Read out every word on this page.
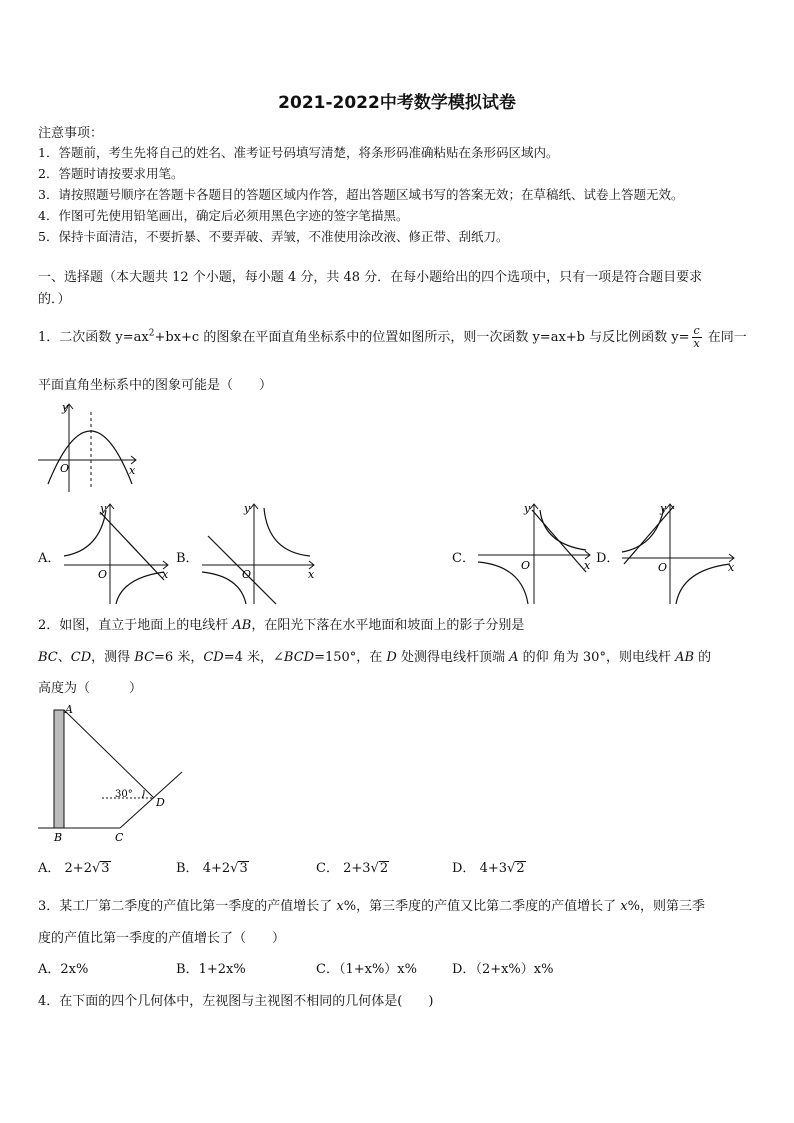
2021-2022中考数学模拟试卷
注意事项：
1．答题前，考生先将自己的姓名、准考证号码填写清楚，将条形码准确粘贴在条形码区域内。
2．答题时请按要求用笔。
3．请按照题号顺序在答题卡各题目的答题区域内作答，超出答题区域书写的答案无效；在草稿纸、试卷上答题无效。
4．作图可先使用铅笔画出，确定后必须用黑色字迹的签字笔描黑。
5．保持卡面清洁，不要折暴、不要弄破、弄皱，不准使用涂改液、修正带、刮纸刀。
一、选择题（本大题共 12 个小题，每小题 4 分，共 48 分．在每小题给出的四个选项中，只有一项是符合题目要求
的．）
1．二次函数 $y=ax^2+bx+c$ 的图象在平面直角坐标系中的位置如图所示，则一次函数 y=ax+b 与反比例函数 $y= \frac{c}{x}$ 在同一
平面直角坐标系中的图象可能是（　　）
y
x
O
A．
y
x
O
B．
y
x
O
C．
y
x
O	D．
y
x
O
2．如图，直立于地面上的电线杆 AB，在阳光下落在水平地面和坡面上的影子分别是
BC、CD，测得 BC=6 米，CD=4 米，∠BCD=150°，在 D 处测得电线杆顶端 A 的仰 角为 30°，则电线杆 AB 的
高度为（　　　）
30°
A
B	C
D
A． 2+2√3	B． 4+2√3	C． 2+3√2	D． 4+3√2
3．某工厂第二季度的产值比第一季度的产值增长了 x%，第三季度的产值又比第二季度的产值增长了 x%，则第三季
度的产值比第一季度的产值增长了（　　）
A．2x%	B．1+2x%	C．（1+x%）x%	D．（2+x%）x%
4．在下面的四个几何体中，左视图与主视图不相同的几何体是(　　)
